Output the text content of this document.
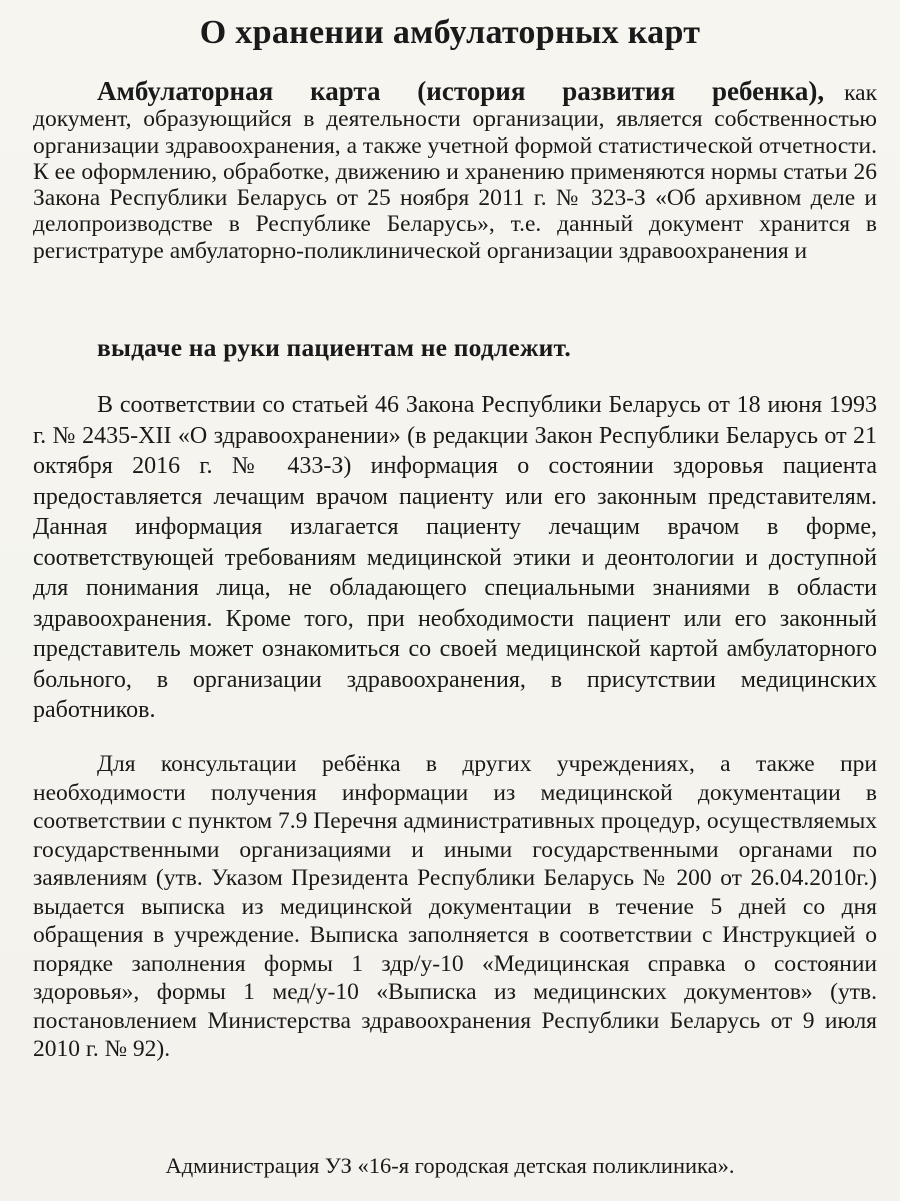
О хранении амбулаторных карт

Амбулаторная карта (история развития ребенка), как документ, образующийся в деятельности организации, является собственностью организации здравоохранения, а также учетной формой статистической отчетности. К ее оформлению, обработке, движению и хранению применяются нормы статьи 26 Закона Республики Беларусь от 25 ноября 2011 г. № 323-З «Об архивном деле и делопроизводстве в Республике Беларусь», т.е. данный документ хранится в регистратуре амбулаторно-поликлинической организации здравоохранения и

выдаче на руки пациентам не подлежит.

В соответствии со статьей 46 Закона Республики Беларусь от 18 июня 1993 г. № 2435-XII «О здравоохранении» (в редакции Закон Республики Беларусь от 21 октября 2016 г. № 433-З) информация о состоянии здоровья пациента предоставляется лечащим врачом пациенту или его законным представителям. Данная информация излагается пациенту лечащим врачом в форме, соответствующей требованиям медицинской этики и деонтологии и доступной для понимания лица, не обладающего специальными знаниями в области здравоохранения. Кроме того, при необходимости пациент или его законный представитель может ознакомиться со своей медицинской картой амбулаторного больного, в организации здравоохранения, в присутствии медицинских работников.

Для консультации ребёнка в других учреждениях, а также при необходимости получения информации из медицинской документации в соответствии с пунктом 7.9 Перечня административных процедур, осуществляемых государственными организациями и иными государственными органами по заявлениям (утв. Указом Президента Республики Беларусь № 200 от 26.04.2010г.) выдается выписка из медицинской документации в течение 5 дней со дня обращения в учреждение. Выписка заполняется в соответствии с Инструкцией о порядке заполнения формы 1 здр/у-10 «Медицинская справка о состоянии здоровья», формы 1 мед/у-10 «Выписка из медицинских документов» (утв. постановлением Министерства здравоохранения Республики Беларусь от 9 июля 2010 г. № 92).

Администрация УЗ «16-я городская детская поликлиника».
